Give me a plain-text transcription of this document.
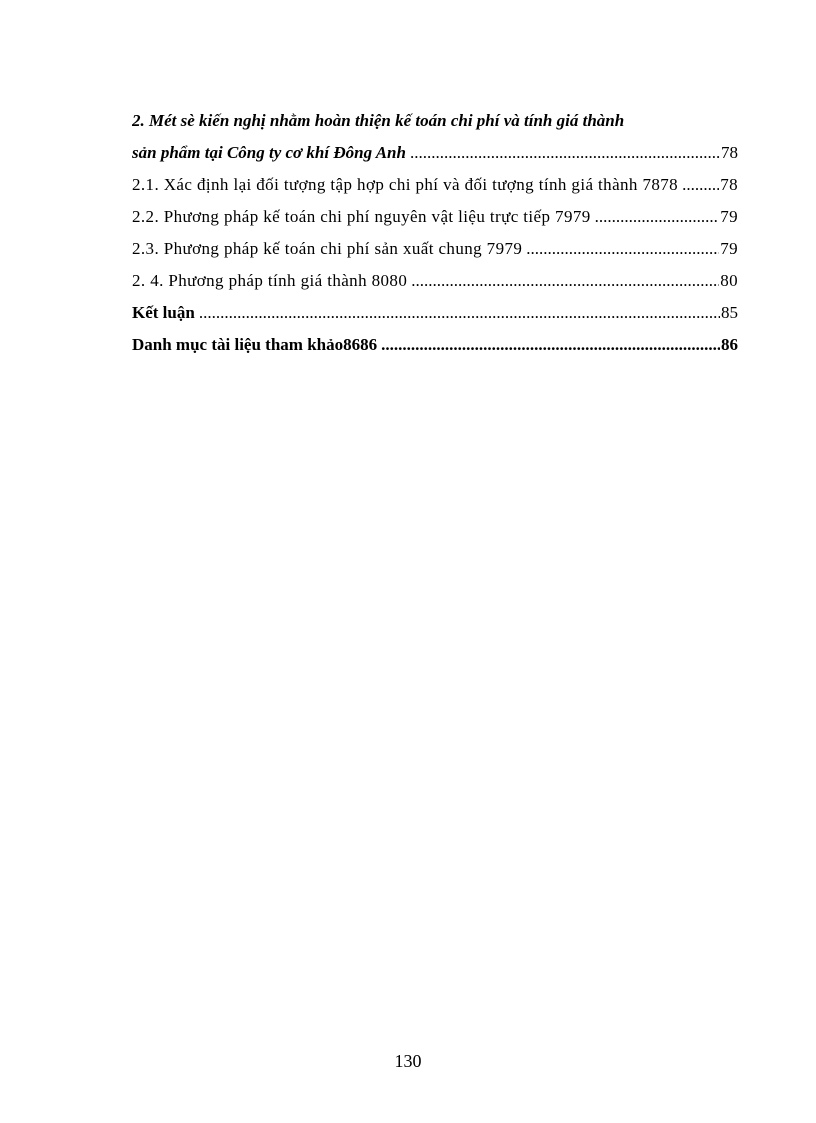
2. Mét sè kiến nghị nhằm hoàn thiện kế toán chi phí và tính giá thành
sản phẩm tại Công ty cơ khí Đông Anh .....	78
2.1. Xác định lại đối tượng tập hợp chi phí và đối tượng tính giá thành 7878 ..... 78
2.2. Phương pháp kế toán chi phí nguyên vật liệu trực tiếp 7979 .....	79
2.3. Phương pháp kế toán chi phí sản xuất chung 7979 .....	79
2. 4. Phương pháp tính giá thành 8080 .....	80
Kết luận .....	85
Danh mục tài liệu tham khảo8686 .....	86
130
